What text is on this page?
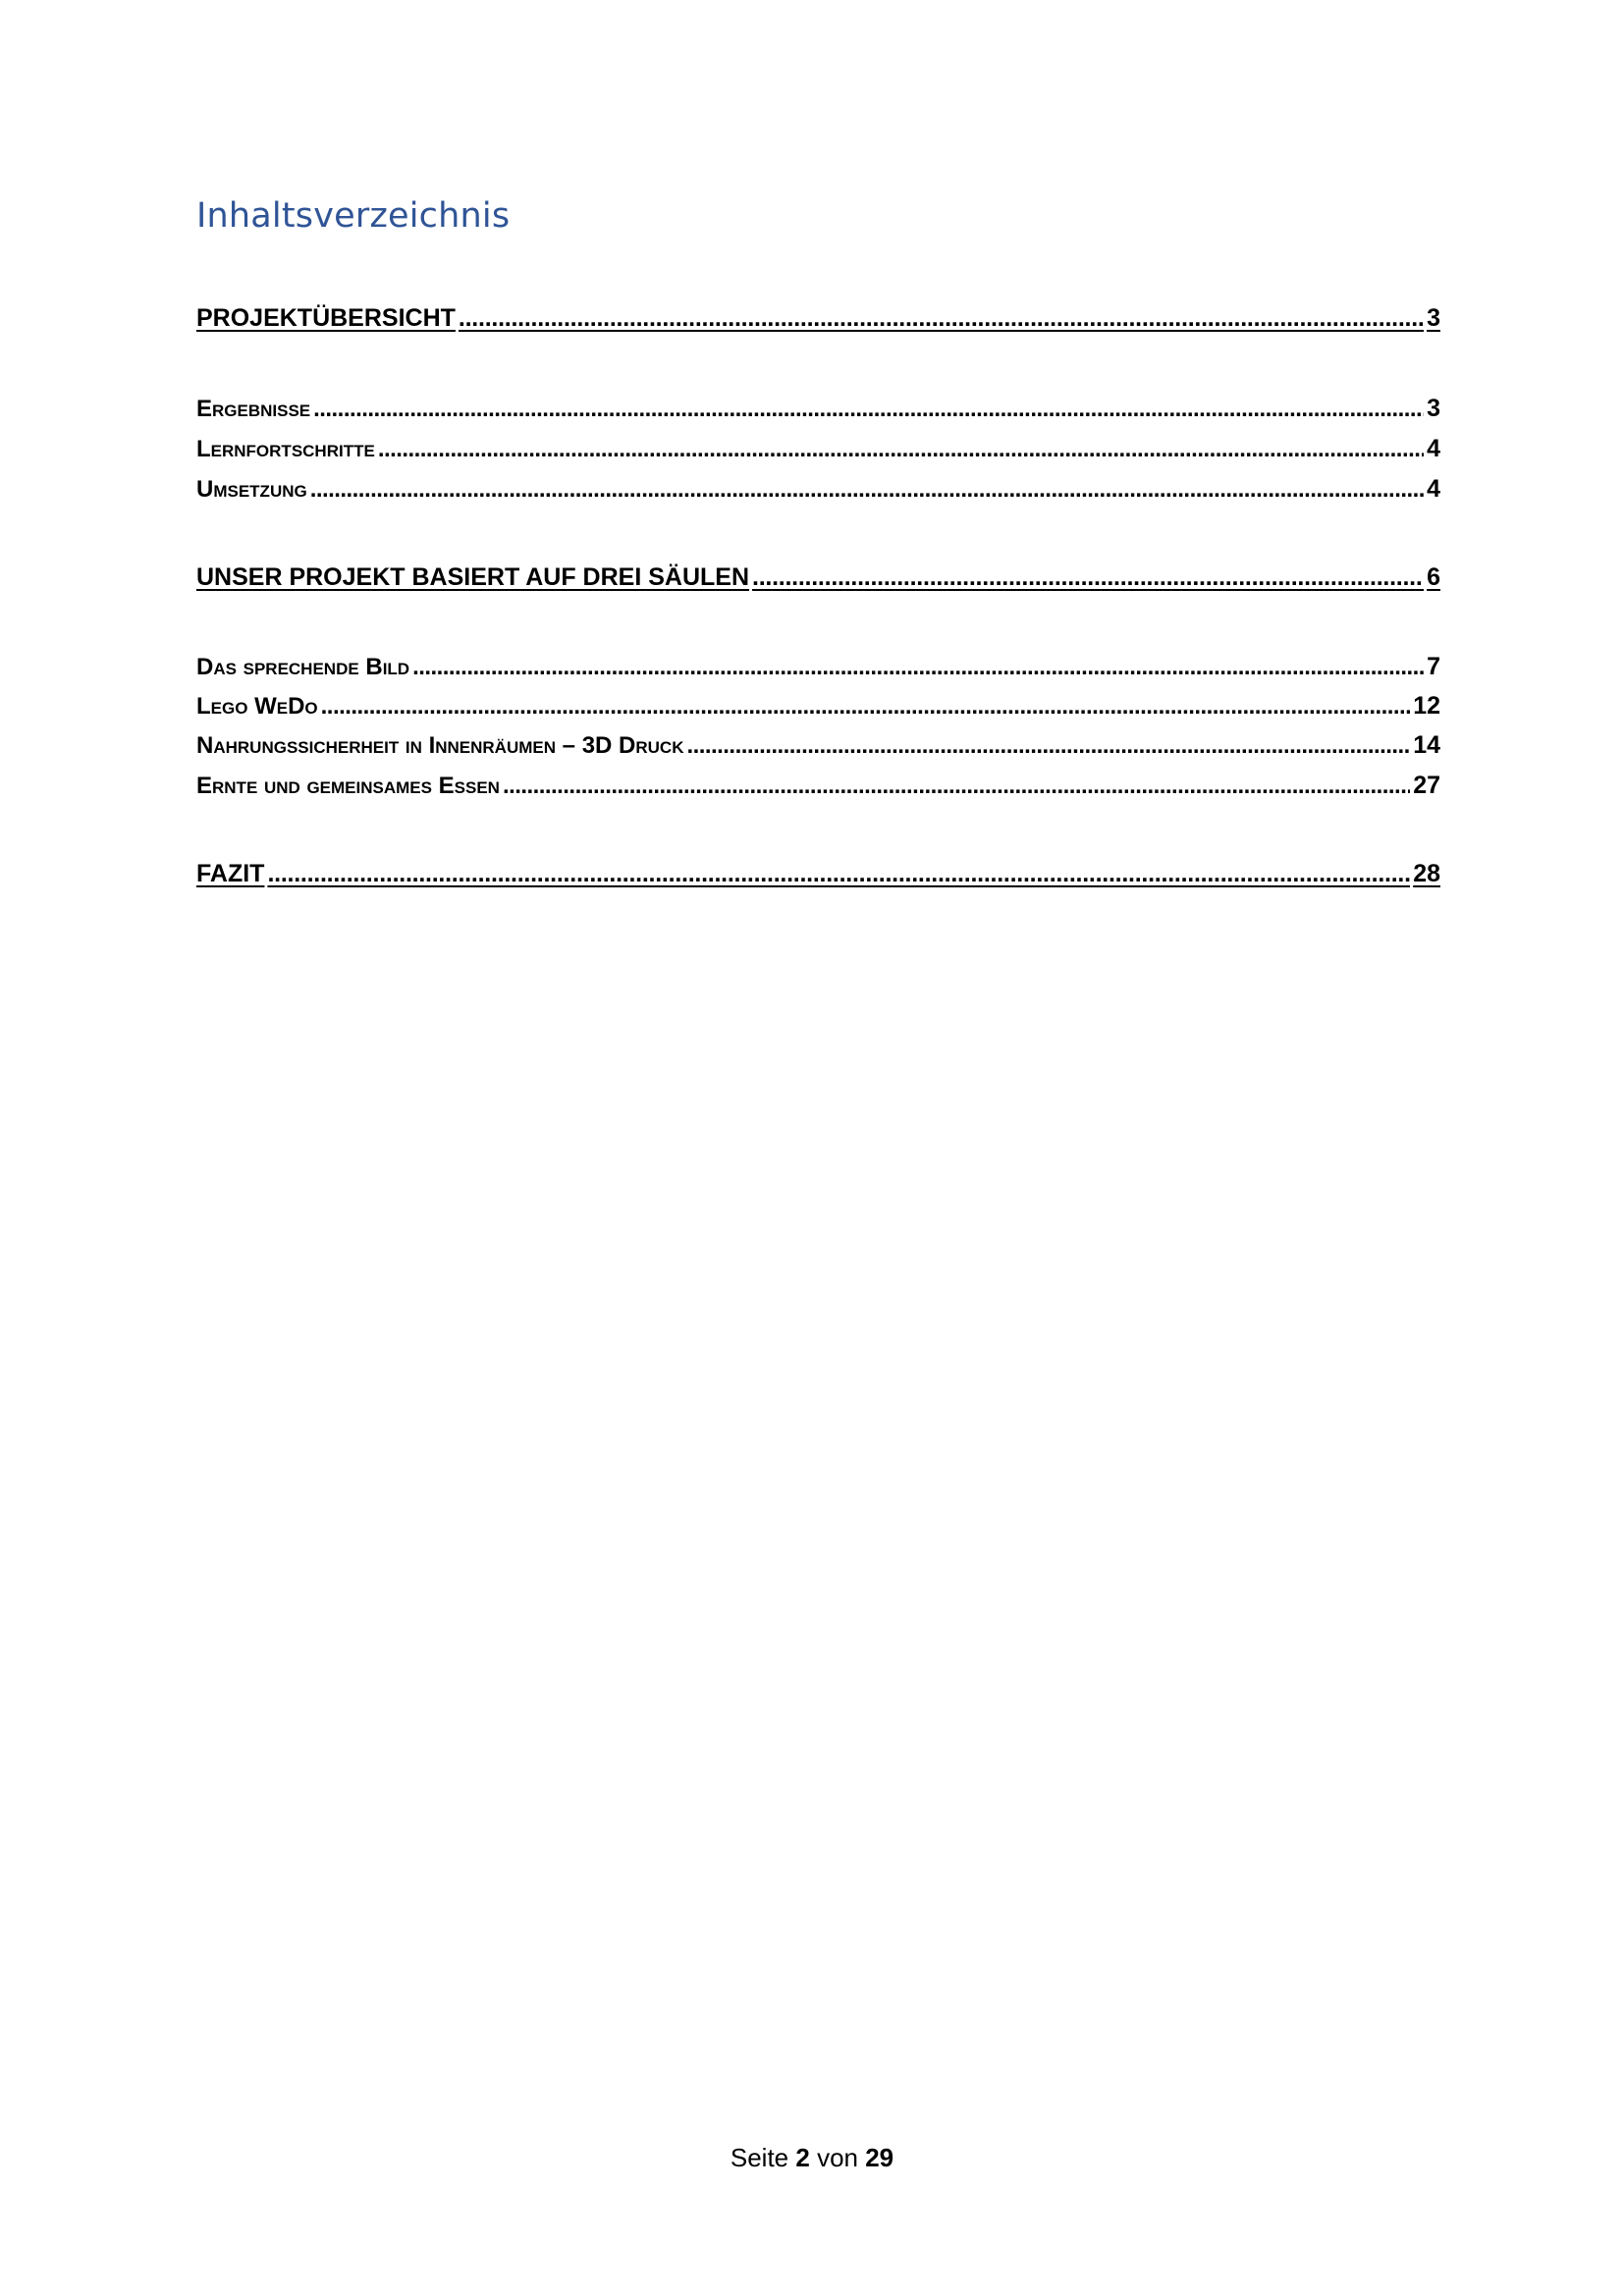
Inhaltsverzeichnis
PROJEKTÜBERSICHT . . .	3
Ergebnisse . . .	3
Lernfortschritte . . .	4
Umsetzung . . .	4
UNSER PROJEKT BASIERT AUF DREI SÄULEN . . .	6
Das sprechende Bild . . .	7
Lego WeDo . . .	12
Nahrungssicherheit in Innenräumen – 3D Druck . . .	14
Ernte und gemeinsames Essen . . .	27
FAZIT . . .	28
Seite 2 von 29
